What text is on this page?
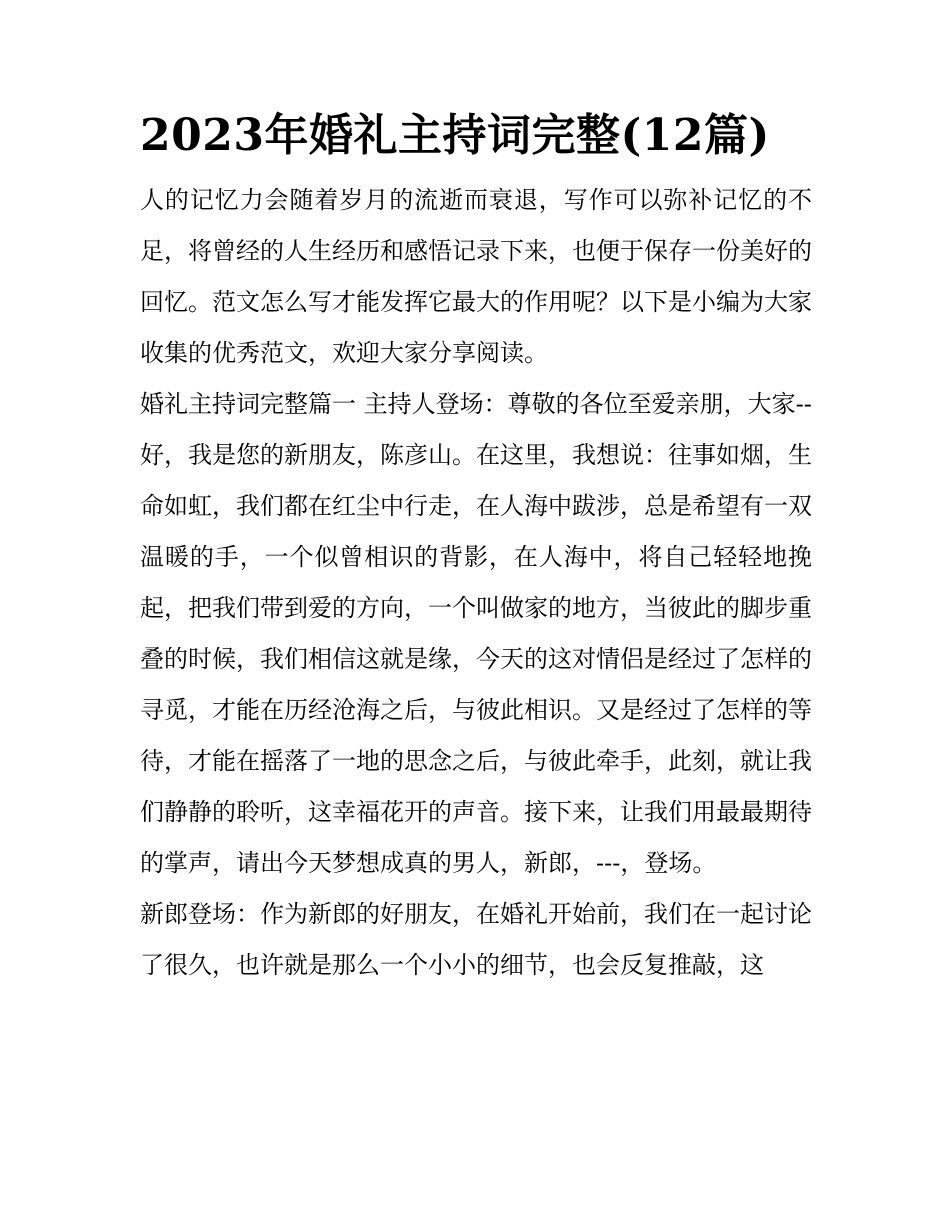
2023年婚礼主持词完整(12篇)

人的记忆力会随着岁月的流逝而衰退，写作可以弥补记忆的不足，将曾经的人生经历和感悟记录下来，也便于保存一份美好的回忆。范文怎么写才能发挥它最大的作用呢？以下是小编为大家收集的优秀范文，欢迎大家分享阅读。

婚礼主持词完整篇一 主持人登场：尊敬的各位至爱亲朋，大家--

好，我是您的新朋友，陈彦山。在这里，我想说：往事如烟，生命如虹，我们都在红尘中行走，在人海中跋涉，总是希望有一双温暖的手，一个似曾相识的背影，在人海中，将自己轻轻地挽起，把我们带到爱的方向，一个叫做家的地方，当彼此的脚步重叠的时候，我们相信这就是缘，今天的这对情侣是经过了怎样的寻觅，才能在历经沧海之后，与彼此相识。又是经过了怎样的等待，才能在摇落了一地的思念之后，与彼此牵手，此刻，就让我们静静的聆听，这幸福花开的声音。接下来，让我们用最最期待的掌声，请出今天梦想成真的男人，新郎，---，登场。

新郎登场：作为新郎的好朋友，在婚礼开始前，我们在一起讨论了很久，也许就是那么一个小小的细节，也会反复推敲，这
